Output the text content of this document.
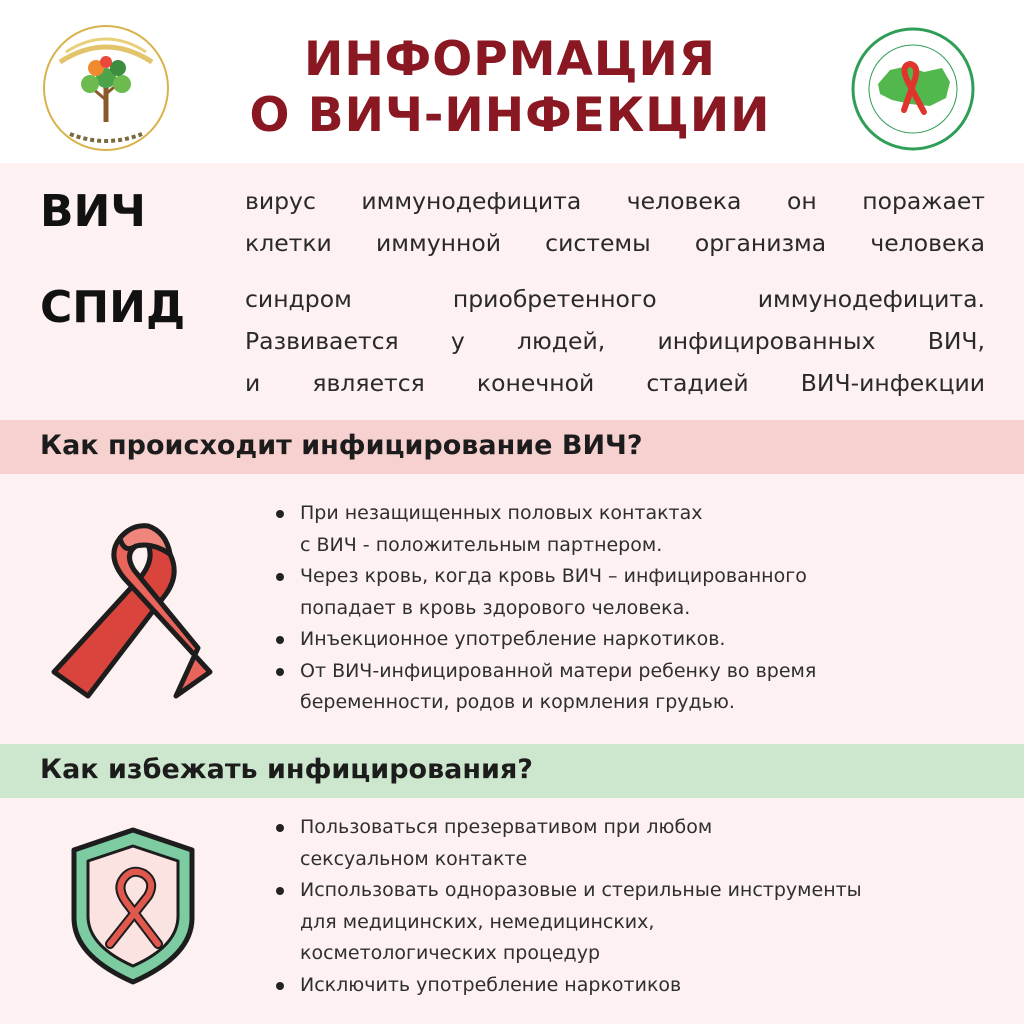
ИНФОРМАЦИЯ
О ВИЧ-ИНФЕКЦИИ
ВИЧ	вирус иммунодефицита человека он поражает
клетки иммунной системы организма человека
СПИД	синдром приобретенного иммунодефицита.
Развивается у людей, инфицированных ВИЧ,
и является конечной стадией ВИЧ-инфекции
Как происходит инфицирование ВИЧ?
При незащищенных половых контактах
с ВИЧ - положительным партнером.
Через кровь, когда кровь ВИЧ – инфицированного
попадает в кровь здорового человека.
Инъекционное употребление наркотиков.
От ВИЧ-инфицированной матери ребенку во время
беременности, родов и кормления грудью.
Как избежать инфицирования?
Пользоваться презервативом при любом
сексуальном контакте
Использовать одноразовые и стерильные инструменты
для медицинских, немедицинских,
косметологических процедур
Исключить употребление наркотиков
